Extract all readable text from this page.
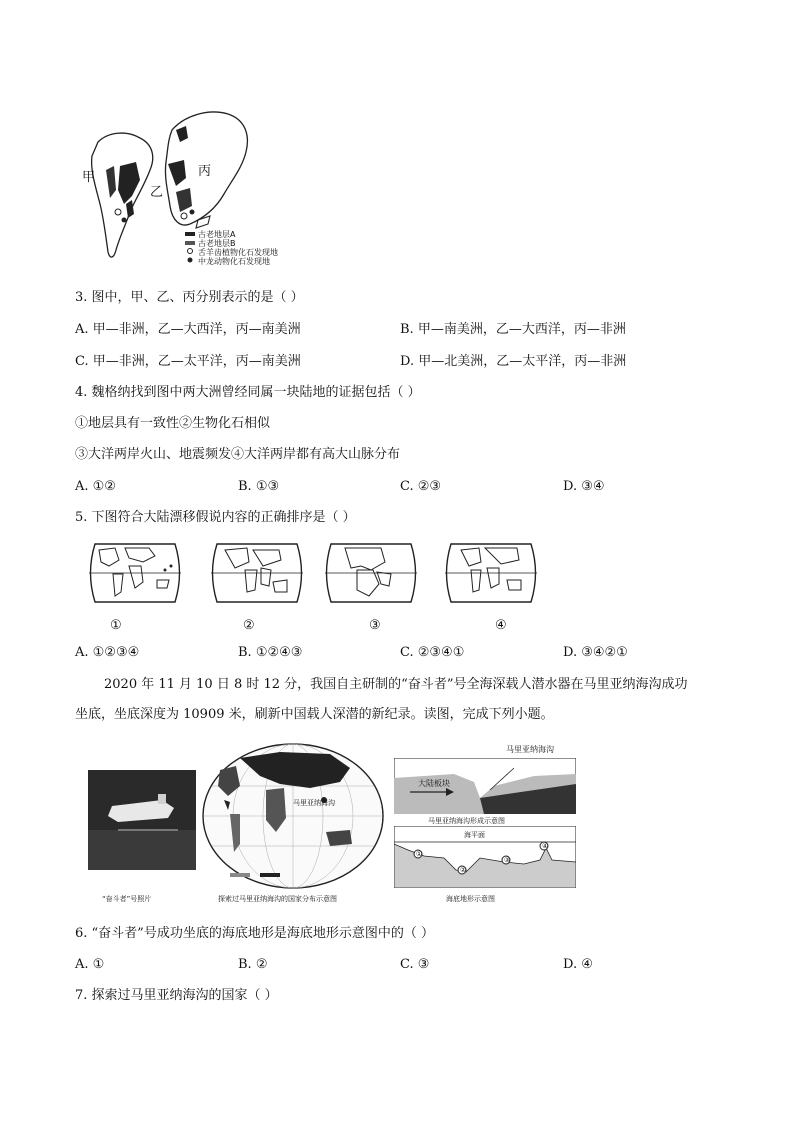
甲
乙
丙
古老地层A
古老地层B
舌羊齿植物化石发现地
中龙动物化石发现地
3. 图中，甲、乙、丙分别表示的是（ ）
A. 甲—非洲，乙—大西洋，丙—南美洲	B. 甲—南美洲，乙—大西洋，丙—非洲
C. 甲—非洲，乙—太平洋，丙—南美洲	D. 甲—北美洲，乙—太平洋，丙—非洲
4. 魏格纳找到图中两大洲曾经同属一块陆地的证据包括（ ）
①地层具有一致性②生物化石相似
③大洋两岸火山、地震频发④大洋两岸都有高大山脉分布
A. ①②	B. ①③	C. ②③	D. ③④
5. 下图符合大陆漂移假说内容的正确排序是（ ）
①	②	③	④
A. ①②③④	B. ①②④③	C. ②③④①	D. ③④②①
2020 年 11 月 10 日 8 时 12 分，我国自主研制的“奋斗者”号全海深载人潜水器在马里亚纳海沟成功
坐底，坐底深度为 10909 米，刷新中国载人深潜的新纪录。读图，完成下列小题。
“奋斗者”号照片
马里亚纳海沟
探索过马里亚纳海沟的国家分布示意图
马里亚纳海沟
大陆板块
马里亚纳海沟形成示意图
海平面
①
②
③
④
海底地形示意图
6. “奋斗者”号成功坐底的海底地形是海底地形示意图中的（ ）
A. ①	B. ②	C. ③	D. ④
7. 探索过马里亚纳海沟的国家（ ）
